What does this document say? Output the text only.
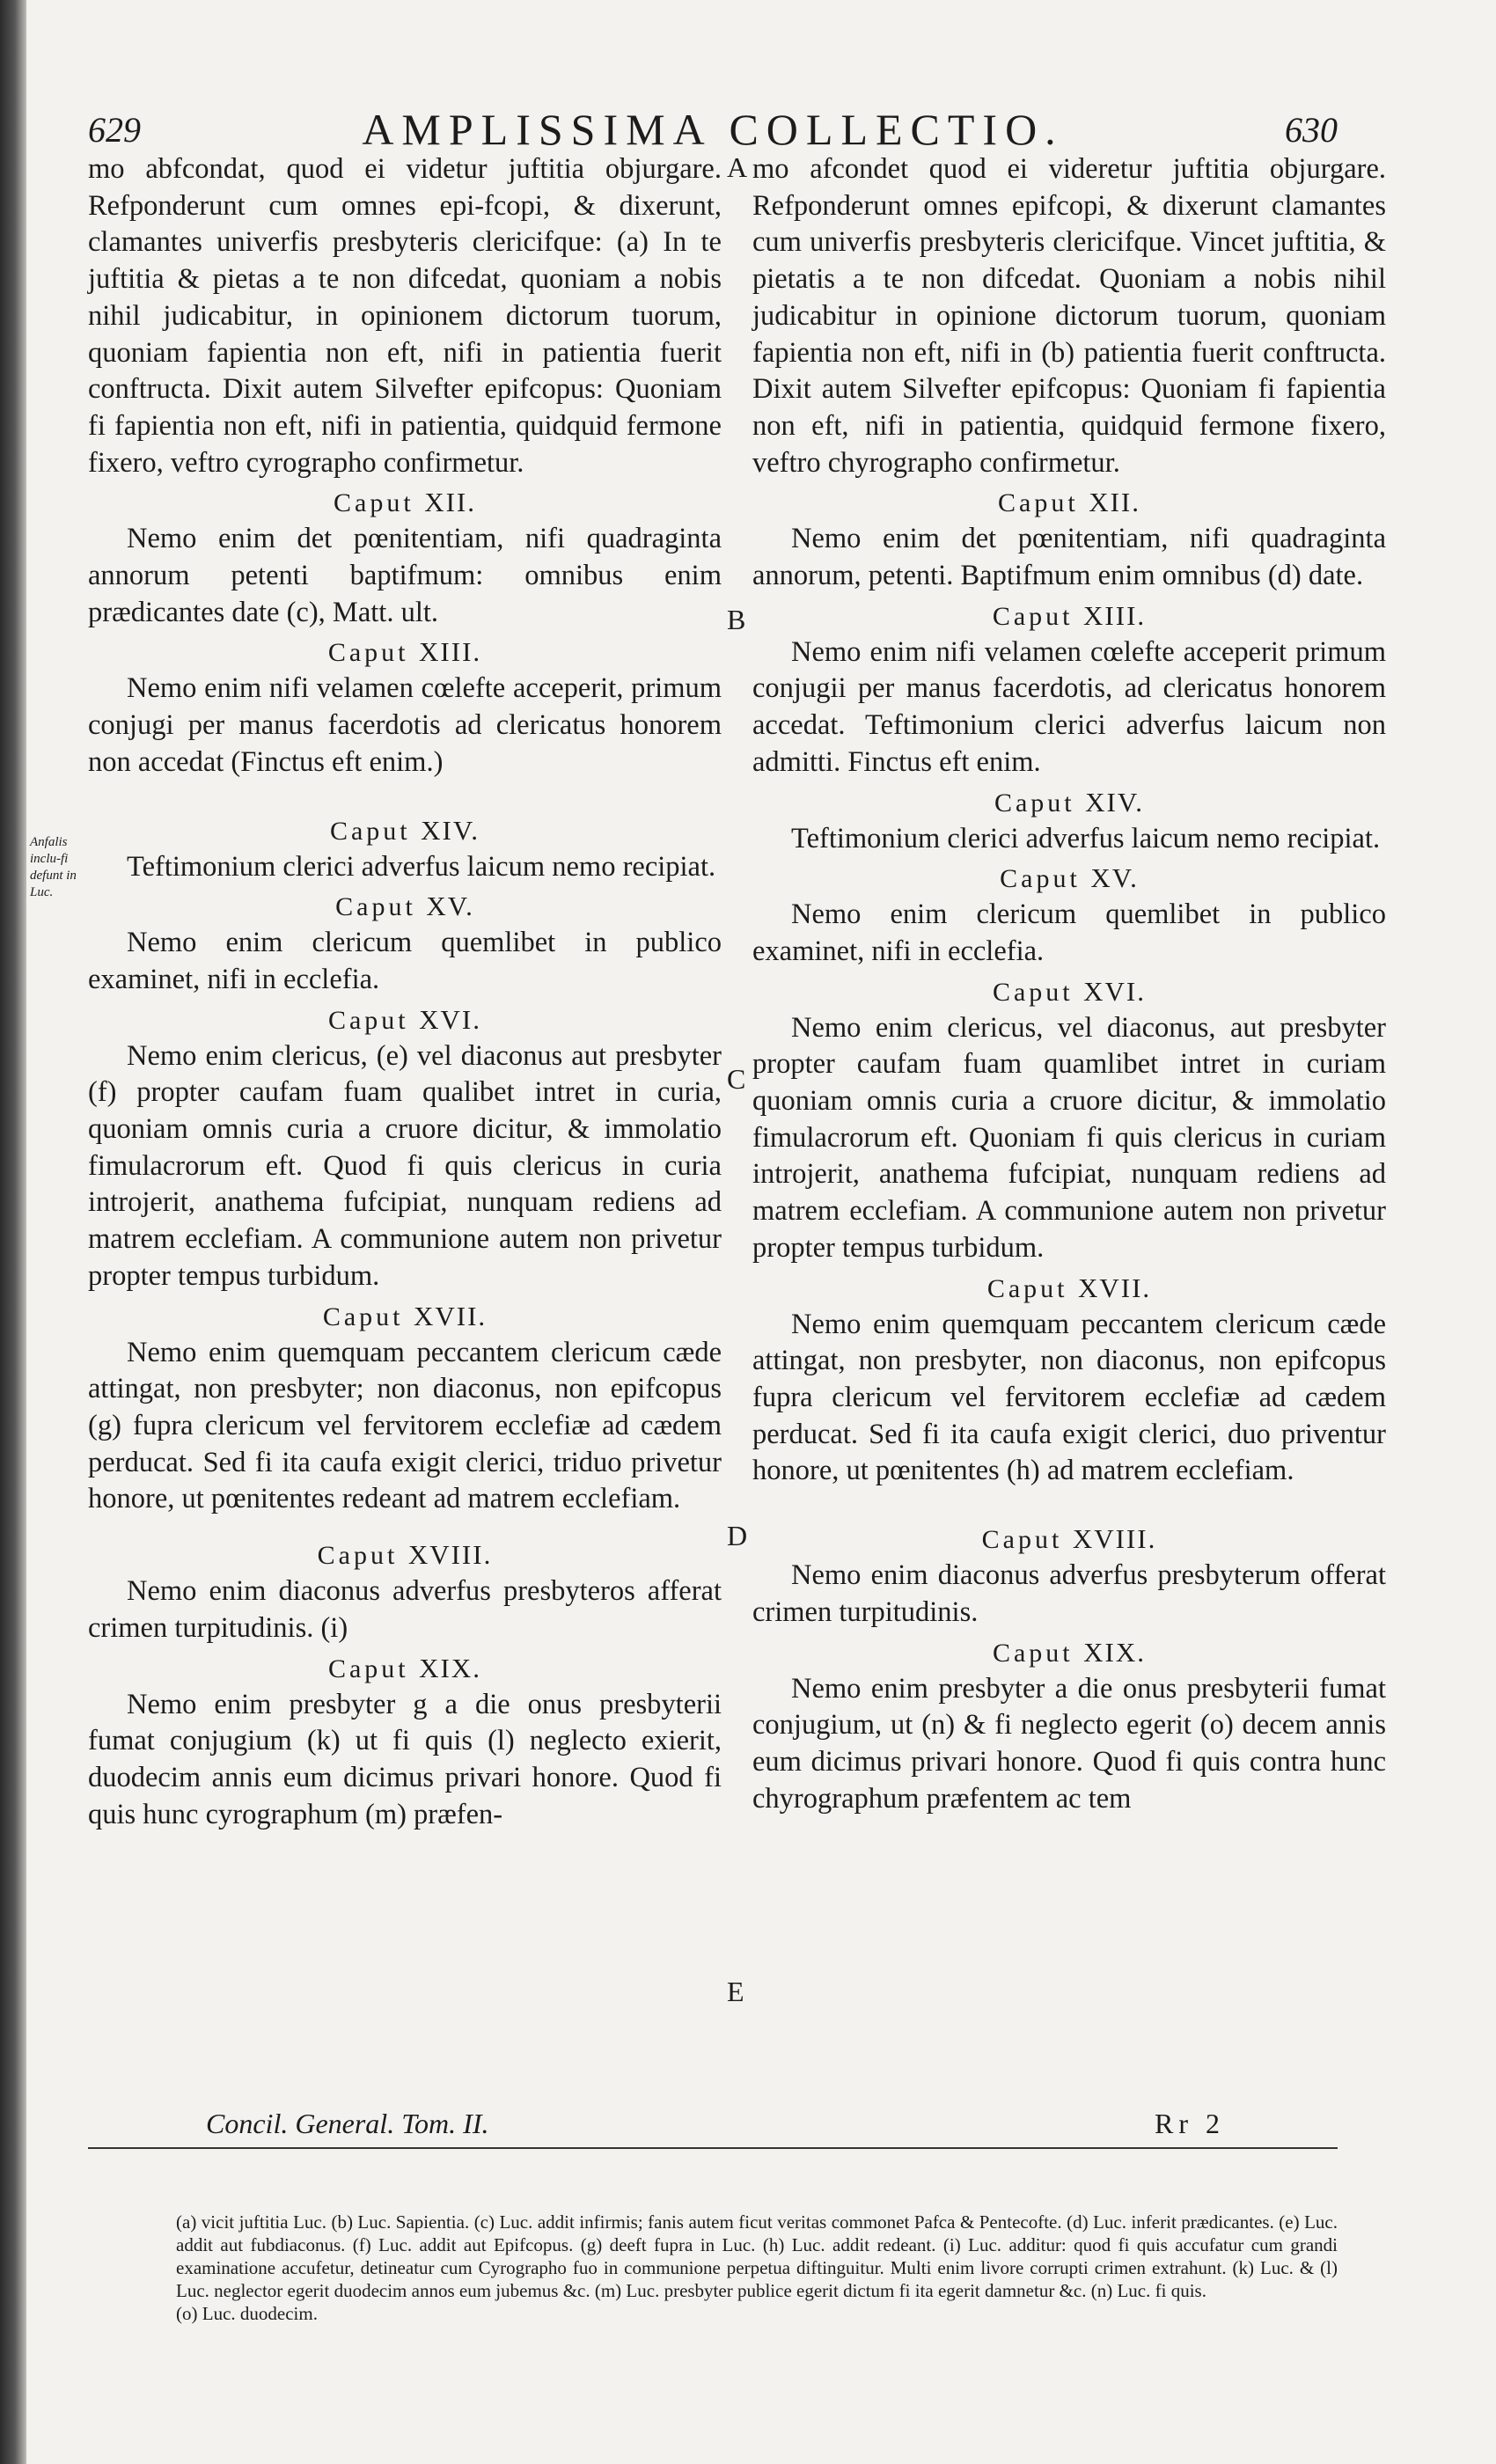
629	AMPLISSIMA COLLECTIO.	630
A
B
C
D
E
Anfalis inclu-fi defunt in Luc.

mo abfcondat, quod ei videtur juftitia objurgare. Refponderunt cum omnes epi-fcopi, & dixerunt, clamantes univerfis presbyteris clericifque: (a) In te juftitia & pietas a te non difcedat, quoniam a nobis nihil judicabitur, in opinionem dictorum tuorum, quoniam fapientia non eft, nifi in patientia fuerit conftructa. Dixit autem Silvefter epifcopus: Quoniam fi fapientia non eft, nifi in patientia, quidquid fermone fixero, veftro cyrographo confirmetur.

Caput XII.

Nemo enim det pœnitentiam, nifi quadraginta annorum petenti baptifmum: omnibus enim prædicantes date (c), Matt. ult.

Caput XIII.

Nemo enim nifi velamen cœlefte acceperit, primum conjugi per manus facerdotis ad clericatus honorem non accedat (Finctus eft enim.)

Caput XIV.

Teftimonium clerici adverfus laicum nemo recipiat.

Caput XV.

Nemo enim clericum quemlibet in publico examinet, nifi in ecclefia.

Caput XVI.

Nemo enim clericus, (e) vel diaconus aut presbyter (f) propter caufam fuam qualibet intret in curia, quoniam omnis curia a cruore dicitur, & immolatio fimulacrorum eft. Quod fi quis clericus in curia introjerit, anathema fufcipiat, nunquam rediens ad matrem ecclefiam. A communione autem non privetur propter tempus turbidum.

Caput XVII.

Nemo enim quemquam peccantem clericum cæde attingat, non presbyter; non diaconus, non epifcopus (g) fupra clericum vel fervitorem ecclefiæ ad cædem perducat. Sed fi ita caufa exigit clerici, triduo privetur honore, ut pœnitentes redeant ad matrem ecclefiam.

Caput XVIII.

Nemo enim diaconus adverfus presbyteros afferat crimen turpitudinis. (i)

Caput XIX.

Nemo enim presbyter g a die onus presbyterii fumat conjugium (k) ut fi quis (l) neglecto exierit, duodecim annis eum dicimus privari honore. Quod fi quis hunc cyrographum (m) præfen-

mo afcondet quod ei videretur juftitia objurgare. Refponderunt omnes epifcopi, & dixerunt clamantes cum univerfis presbyteris clericifque. Vincet juftitia, & pietatis a te non difcedat. Quoniam a nobis nihil judicabitur in opinione dictorum tuorum, quoniam fapientia non eft, nifi in (b) patientia fuerit conftructa. Dixit autem Silvefter epifcopus: Quoniam fi fapientia non eft, nifi in patientia, quidquid fermone fixero, veftro chyrographo confirmetur.

Caput XII.

Nemo enim det pœnitentiam, nifi quadraginta annorum, petenti. Baptifmum enim omnibus (d) date.

Caput XIII.

Nemo enim nifi velamen cœlefte acceperit primum conjugii per manus facerdotis, ad clericatus honorem accedat. Teftimonium clerici adverfus laicum non admitti. Finctus eft enim.

Caput XIV.

Teftimonium clerici adverfus laicum nemo recipiat.

Caput XV.

Nemo enim clericum quemlibet in publico examinet, nifi in ecclefia.

Caput XVI.

Nemo enim clericus, vel diaconus, aut presbyter propter caufam fuam quamlibet intret in curiam quoniam omnis curia a cruore dicitur, & immolatio fimulacrorum eft. Quoniam fi quis clericus in curiam introjerit, anathema fufcipiat, nunquam rediens ad matrem ecclefiam. A communione autem non privetur propter tempus turbidum.

Caput XVII.

Nemo enim quemquam peccantem clericum cæde attingat, non presbyter, non diaconus, non epifcopus fupra clericum vel fervitorem ecclefiæ ad cædem perducat. Sed fi ita caufa exigit clerici, duo priventur honore, ut pœnitentes (h) ad matrem ecclefiam.

Caput XVIII.

Nemo enim diaconus adverfus presbyterum offerat crimen turpitudinis.

Caput XIX.

Nemo enim presbyter a die onus presbyterii fumat conjugium, ut (n) & fi neglecto egerit (o) decem annis eum dicimus privari honore. Quod fi quis contra hunc chyrographum præfentem ac tem

Concil. General. Tom. II.	Rr 2

(a) vicit juftitia Luc. (b) Luc. Sapientia. (c) Luc. addit infirmis; fanis autem ficut veritas commonet Pafca & Pentecofte. (d) Luc. inferit prædicantes. (e) Luc. addit aut fubdiaconus. (f) Luc. addit aut Epifcopus. (g) deeft fupra in Luc. (h) Luc. addit redeant. (i) Luc. additur: quod fi quis accufatur cum grandi examinatione accufetur, detineatur cum Cyrographo fuo in communione perpetua diftinguitur. Multi enim livore corrupti crimen extrahunt. (k) Luc. & (l) Luc. neglector egerit duodecim annos eum jubemus &c. (m) Luc. presbyter publice egerit dictum fi ita egerit damnetur &c. (n) Luc. fi quis.

(o) Luc. duodecim.
